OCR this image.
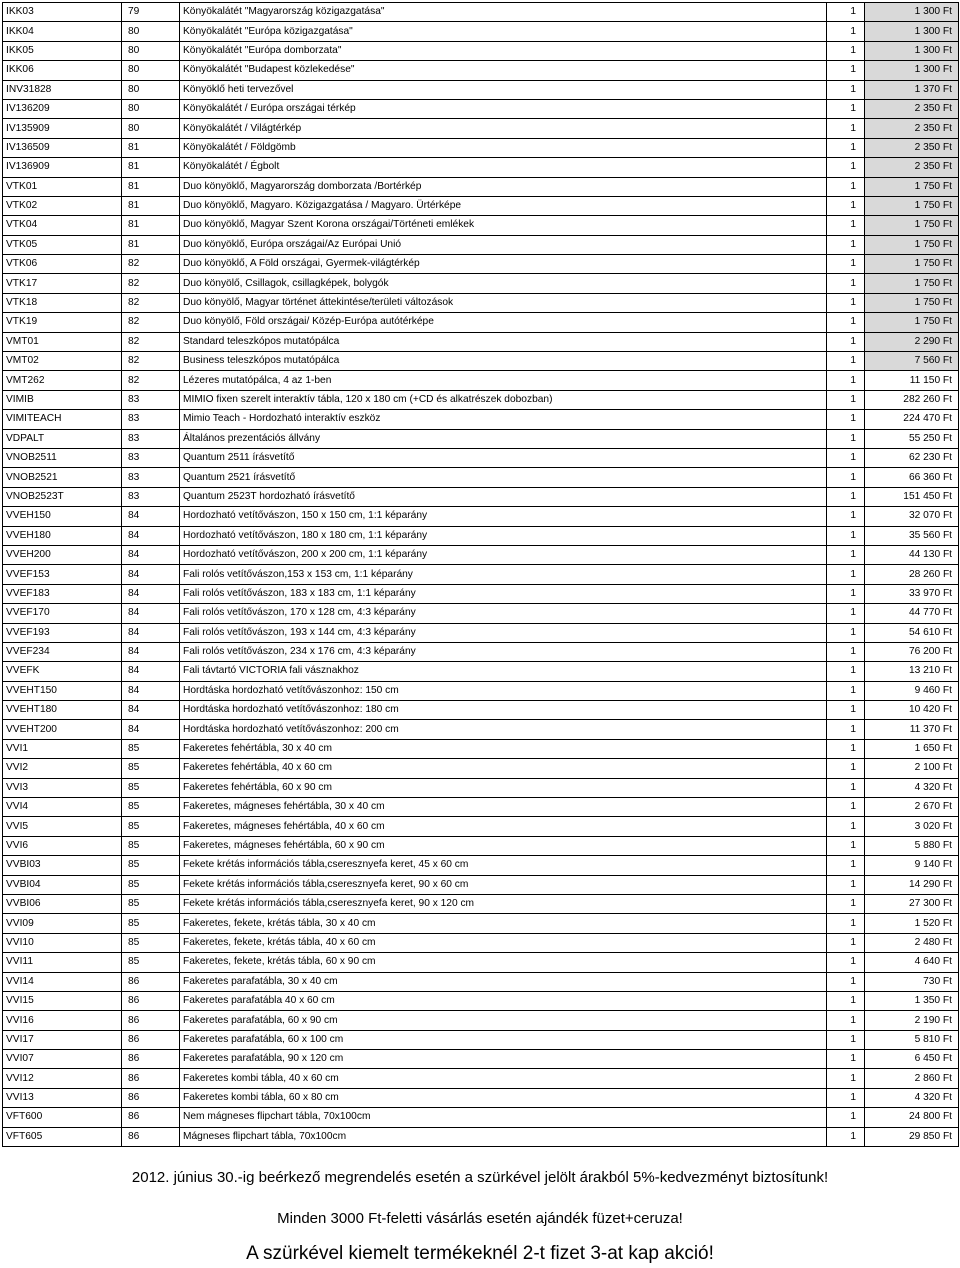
IKK03	79	Könyökalátét "Magyarország közigazgatása"	1	1 300 Ft
IKK04	80	Könyökalátét "Európa közigazgatása"	1	1 300 Ft
IKK05	80	Könyökalátét "Európa domborzata"	1	1 300 Ft
IKK06	80	Könyökalátét "Budapest közlekedése"	1	1 300 Ft
INV31828	80	Könyöklő heti tervezővel	1	1 370 Ft
IV136209	80	Könyökalátét / Európa országai térkép	1	2 350 Ft
IV135909	80	Könyökalátét / Világtérkép	1	2 350 Ft
IV136509	81	Könyökalátét / Földgömb	1	2 350 Ft
IV136909	81	Könyökalátét / Égbolt	1	2 350 Ft
VTK01	81	Duo könyöklő, Magyarország domborzata /Bortérkép	1	1 750 Ft
VTK02	81	Duo könyöklő, Magyaro. Közigazgatása / Magyaro. Ürtérképe	1	1 750 Ft
VTK04	81	Duo könyöklő, Magyar Szent Korona országai/Történeti emlékek	1	1 750 Ft
VTK05	81	Duo könyöklő, Európa országai/Az Európai Unió	1	1 750 Ft
VTK06	82	Duo könyöklő, A Föld országai, Gyermek-világtérkép	1	1 750 Ft
VTK17	82	Duo könyölő, Csillagok, csillagképek, bolygók	1	1 750 Ft
VTK18	82	Duo könyölő, Magyar történet áttekintése/területi változások	1	1 750 Ft
VTK19	82	Duo könyölő, Föld országai/ Közép-Európa autótérképe	1	1 750 Ft
VMT01	82	Standard teleszkópos mutatópálca	1	2 290 Ft
VMT02	82	Business teleszkópos mutatópálca	1	7 560 Ft
VMT262	82	Lézeres mutatópálca, 4 az 1-ben	1	11 150 Ft
VIMIB	83	MIMIO fixen szerelt interaktív tábla, 120 x 180 cm (+CD és alkatrészek dobozban)	1	282 260 Ft
VIMITEACH	83	Mimio Teach - Hordozható interaktív eszköz	1	224 470 Ft
VDPALT	83	Általános prezentációs állvány	1	55 250 Ft
VNOB2511	83	Quantum 2511 írásvetítő	1	62 230 Ft
VNOB2521	83	Quantum 2521 írásvetítő	1	66 360 Ft
VNOB2523T	83	Quantum 2523T hordozható írásvetítő	1	151 450 Ft
VVEH150	84	Hordozható vetítővászon, 150 x 150 cm, 1:1 képarány	1	32 070 Ft
VVEH180	84	Hordozható vetítővászon, 180 x 180 cm, 1:1 képarány	1	35 560 Ft
VVEH200	84	Hordozható vetítővászon, 200 x 200 cm, 1:1 képarány	1	44 130 Ft
VVEF153	84	Fali rolós vetítővászon,153 x 153 cm, 1:1 képarány	1	28 260 Ft
VVEF183	84	Fali rolós vetítővászon, 183 x 183 cm, 1:1 képarány	1	33 970 Ft
VVEF170	84	Fali rolós vetítővászon, 170 x 128 cm, 4:3 képarány	1	44 770 Ft
VVEF193	84	Fali rolós vetítővászon, 193 x 144 cm, 4:3 képarány	1	54 610 Ft
VVEF234	84	Fali rolós vetítővászon, 234 x 176 cm, 4:3 képarány	1	76 200 Ft
VVEFK	84	Fali távtartó VICTORIA fali vásznakhoz	1	13 210 Ft
VVEHT150	84	Hordtáska hordozható vetítővászonhoz: 150 cm	1	9 460 Ft
VVEHT180	84	Hordtáska hordozható vetítővászonhoz: 180 cm	1	10 420 Ft
VVEHT200	84	Hordtáska hordozható vetítővászonhoz: 200 cm	1	11 370 Ft
VVI1	85	Fakeretes fehértábla, 30 x 40 cm	1	1 650 Ft
VVI2	85	Fakeretes fehértábla, 40 x 60 cm	1	2 100 Ft
VVI3	85	Fakeretes fehértábla, 60 x 90 cm	1	4 320 Ft
VVI4	85	Fakeretes, mágneses fehértábla, 30 x 40 cm	1	2 670 Ft
VVI5	85	Fakeretes, mágneses fehértábla, 40 x 60 cm	1	3 020 Ft
VVI6	85	Fakeretes, mágneses fehértábla, 60 x 90 cm	1	5 880 Ft
VVBI03	85	Fekete krétás információs tábla,cseresznyefa keret, 45 x 60 cm	1	9 140 Ft
VVBI04	85	Fekete krétás információs tábla,cseresznyefa keret, 90 x 60 cm	1	14 290 Ft
VVBI06	85	Fekete krétás információs tábla,cseresznyefa keret, 90 x 120 cm	1	27 300 Ft
VVI09	85	Fakeretes, fekete, krétás tábla, 30 x 40 cm	1	1 520 Ft
VVI10	85	Fakeretes, fekete, krétás tábla, 40 x 60 cm	1	2 480 Ft
VVI11	85	Fakeretes, fekete, krétás tábla, 60 x 90 cm	1	4 640 Ft
VVI14	86	Fakeretes parafatábla, 30 x 40 cm	1	730 Ft
VVI15	86	Fakeretes parafatábla 40 x 60 cm	1	1 350 Ft
VVI16	86	Fakeretes parafatábla, 60 x 90 cm	1	2 190 Ft
VVI17	86	Fakeretes parafatábla, 60 x 100 cm	1	5 810 Ft
VVI07	86	Fakeretes parafatábla, 90 x 120 cm	1	6 450 Ft
VVI12	86	Fakeretes kombi tábla, 40 x 60 cm	1	2 860 Ft
VVI13	86	Fakeretes kombi tábla, 60 x 80 cm	1	4 320 Ft
VFT600	86	Nem mágneses flipchart tábla, 70x100cm	1	24 800 Ft
VFT605	86	Mágneses flipchart tábla, 70x100cm	1	29 850 Ft
2012. június 30.-ig beérkező megrendelés esetén a szürkével jelölt árakból 5%-kedvezményt biztosítunk!
Minden 3000 Ft-feletti vásárlás esetén ajándék füzet+ceruza!
A szürkével kiemelt termékeknél 2-t fizet 3-at kap akció!
